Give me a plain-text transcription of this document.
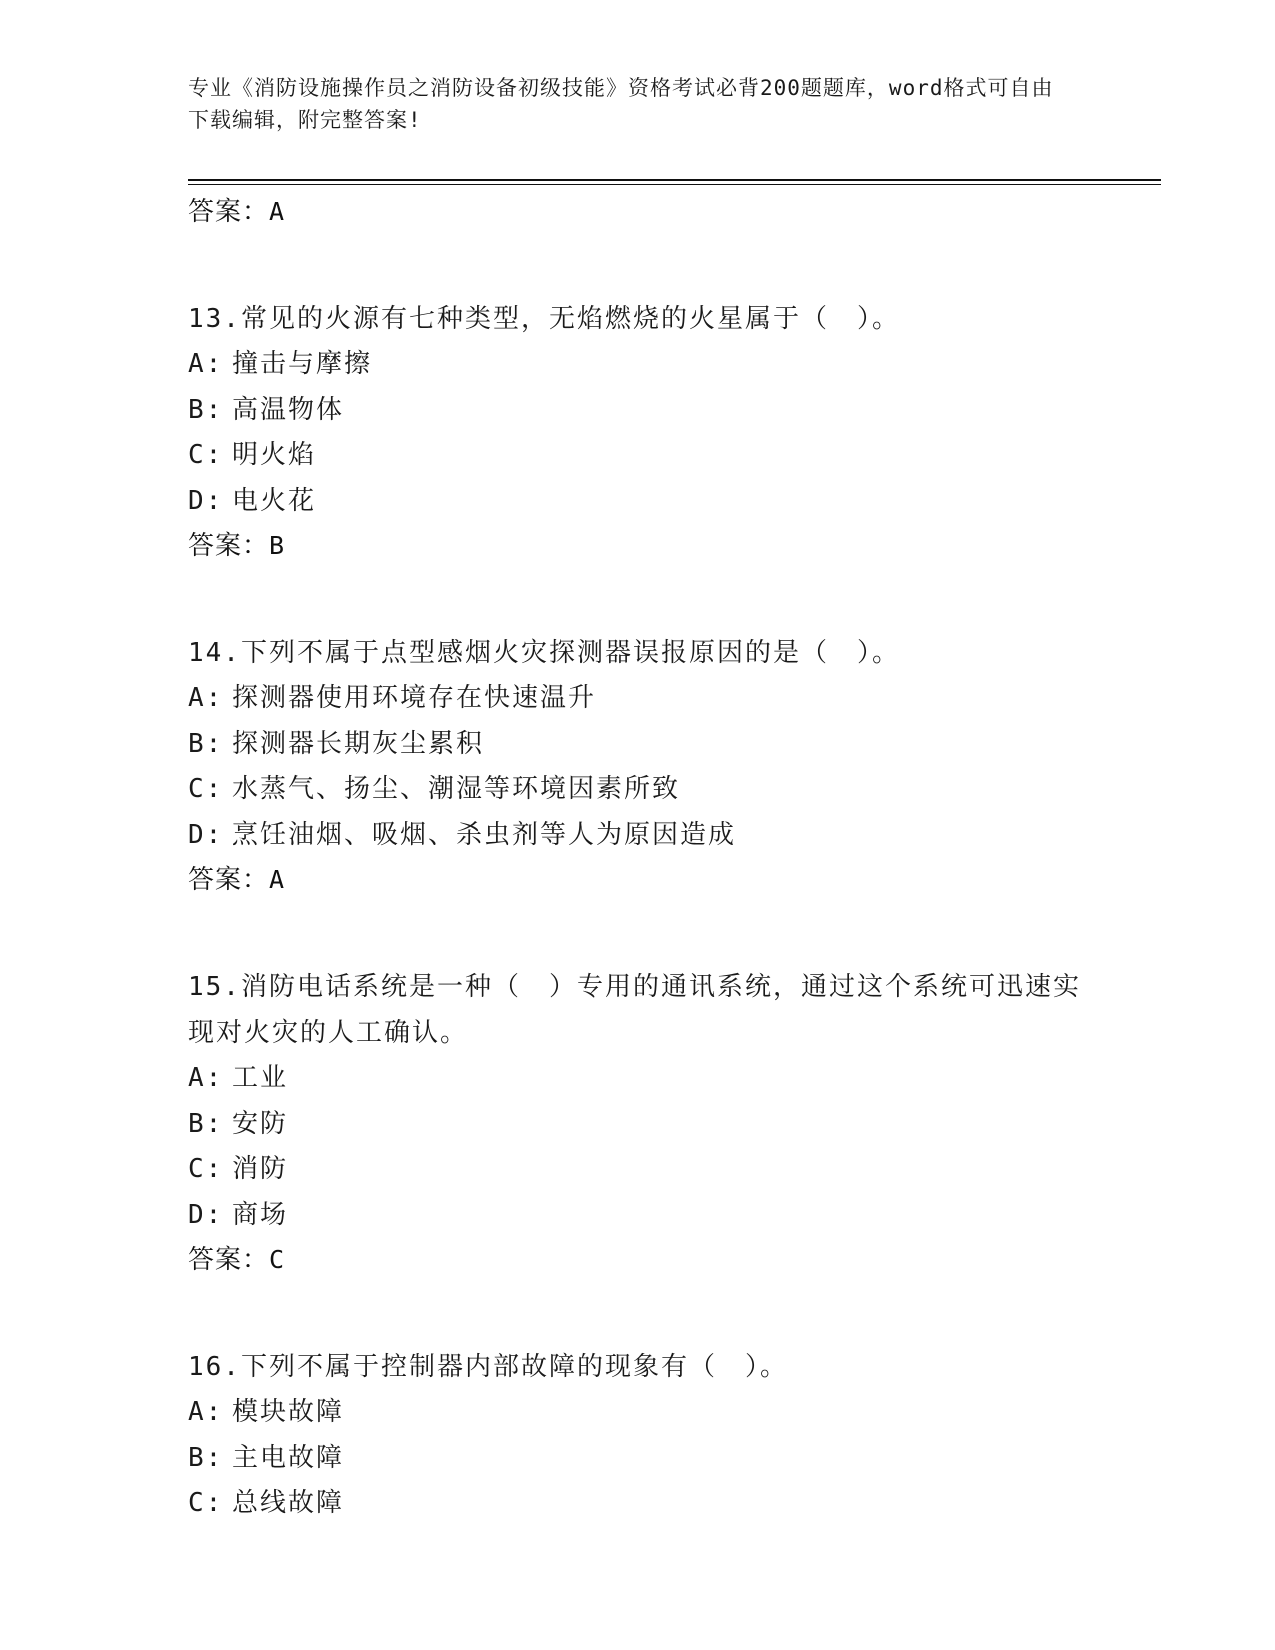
专业《消防设施操作员之消防设备初级技能》资格考试必背200题题库，word格式可自由下载编辑，附完整答案!
答案：A
13.常见的火源有七种类型，无焰燃烧的火星属于（　）。
A: 撞击与摩擦
B: 高温物体
C: 明火焰
D: 电火花
答案：B
14.下列不属于点型感烟火灾探测器误报原因的是（　）。
A: 探测器使用环境存在快速温升
B: 探测器长期灰尘累积
C: 水蒸气、扬尘、潮湿等环境因素所致
D: 烹饪油烟、吸烟、杀虫剂等人为原因造成
答案：A
15.消防电话系统是一种（　）专用的通讯系统，通过这个系统可迅速实现对火灾的人工确认。
A: 工业
B: 安防
C: 消防
D: 商场
答案：C
16.下列不属于控制器内部故障的现象有（　）。
A: 模块故障
B: 主电故障
C: 总线故障
